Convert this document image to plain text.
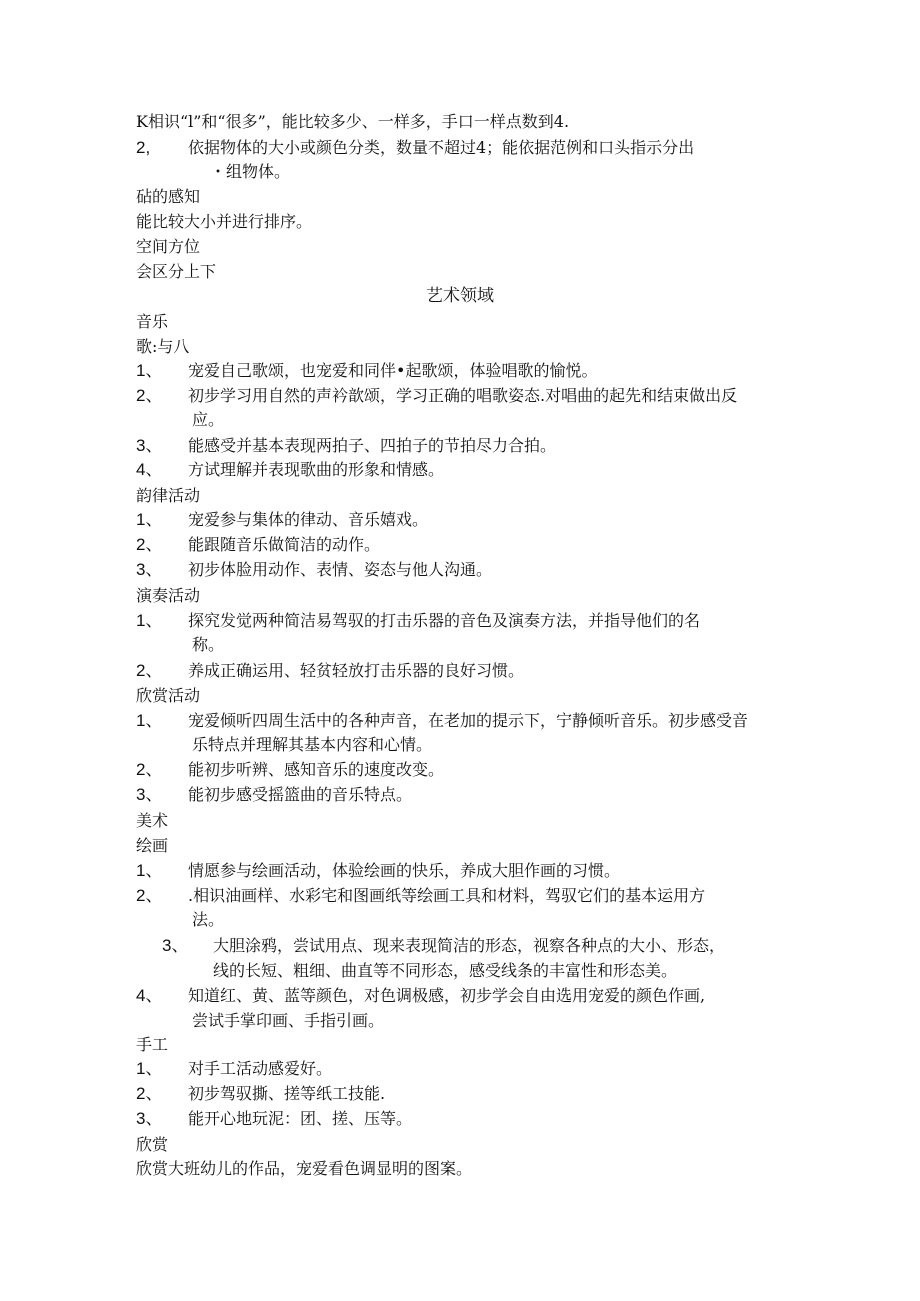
K相识“l”和“很多”，能比较多少、一样多，手口一样点数到4.
2, 依据物体的大小或颜色分类，数量不超过4；能依据范例和口头指示分出
・组物体。
砧的感知
能比较大小并进行排序。
空间方位
会区分上下
艺术领域
音乐
歌:与八
1、 宠爱自己歌颂，也宠爱和同伴•起歌颂，体验唱歌的愉悦。
2、 初步学习用自然的声衿歆颂，学习正确的唱歌姿态.对唱曲的起先和结束做出反
应。
3、 能感受并基本表现两拍子、四拍子的节拍尽力合拍。
4、 方试理解并表现歌曲的形象和情感。
韵律活动
1、 宠爱参与集体的律动、音乐嬉戏。
2、 能跟随音乐做简洁的动作。
3、 初步体脸用动作、表情、姿态与他人沟通。
演奏活动
1、 探究发觉两种简洁易驾驭的打击乐器的音色及演奏方法，并指导他们的名
称。
2、 养成正确运用、轻贫轻放打击乐器的良好习惯。
欣赏活动
1、 宠爱倾听四周生活中的各种声音，在老加的提示下，宁静倾听音乐。初步感受音
乐特点并理解其基本内容和心情。
2、 能初步听辨、感知音乐的速度改变。
3、 能初步感受摇篮曲的音乐特点。
美术
绘画
1、 情愿参与绘画活动，体验绘画的快乐，养成大胆作画的习惯。
2、 .相识油画样、水彩宅和图画纸等绘画工具和材料，驾驭它们的基本运用方
法。
3、 大胆涂鸦，尝试用点、现来表现简洁的形态，视察各种点的大小、形态，
线的长短、粗细、曲直等不同形态，感受线条的丰富性和形态美。
4、 知道红、黄、蓝等颜色，对色调极感，初步学会自由选用宠爱的颜色作画,
尝试手掌印画、手指引画。
手工
1、 对手工活动感爱好。
2、 初步驾驭撕、搓等纸工技能.
3、 能开心地玩泥：团、搓、压等。
欣赏
欣赏大班幼儿的作品，宠爱看色调显明的图案。
